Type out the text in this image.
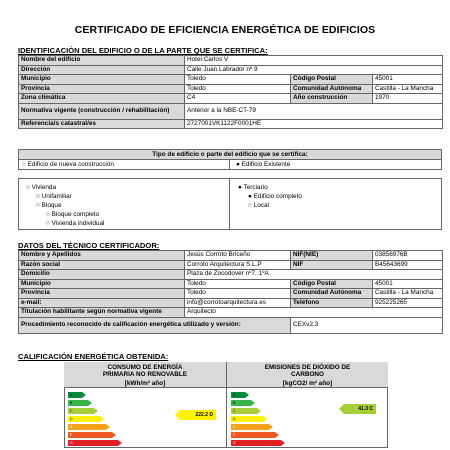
CERTIFICADO DE EFICIENCIA ENERGÉTICA DE EDIFICIOS
IDENTIFICACIÓN DEL EDIFICIO O DE LA PARTE QUE SE CERTIFICA:
Nombre del edificio	Hotel Carlos V		
Dirección	Calle Juan Labrador nº 9		
Municipio	Toledo	Código Postal	45001
Provincia	Toledo	Comunidad Autónoma	Castilla - La Mancha
Zona climática	C4	Año construcción	1970
Normativa vigente (construcción / rehabilitación)	Anterior a la NBE-CT-79		
Referencia/s catastral/es	2727001VK1122F0001HE		
Tipo de edificio o parte del edificio que se certifica:
○ Edificio de nueva construcción	● Edificio Existente
○ Vivienda
○ Unifamiliar
○ Bloque
○ Bloque completo
○ Vivienda individual
● Terciario
● Edificio completo
○ Local
DATOS DEL TÉCNICO CERTIFICADOR:
Nombre y Apellidos	Jesús Corroto Briceño	NIF(NIE)	03856976B
Razón social	Corroto Arquitectura S.L.P	NIF	B45643699
Domicilio	Plaza de Zocodover nº7, 1ºA		
Municipio	Toledo	Código Postal	45001
Provincia	Toledo	Comunidad Autónoma	Castilla - La Mancha
e-mail:	info@corrotoarquitectura.es	Teléfono	925225265
Titulación habilitante según normativa vigente	Arquitecto		
Procedimiento reconocido de calificación energética utilizado y versión:		CEXv2.3	
CALIFICACIÓN ENERGÉTICA OBTENIDA:
CONSUMO DE ENERGÍA PRIMARIA NO RENOVABLE
[kWh/m² año]
EMISIONES DE DIÓXIDO DE CARBONO
[kgCO2/ m² año]
A
B
C
D
E
F
G
A
B
C
D
E
F
G
222.2 D
41.3 C
